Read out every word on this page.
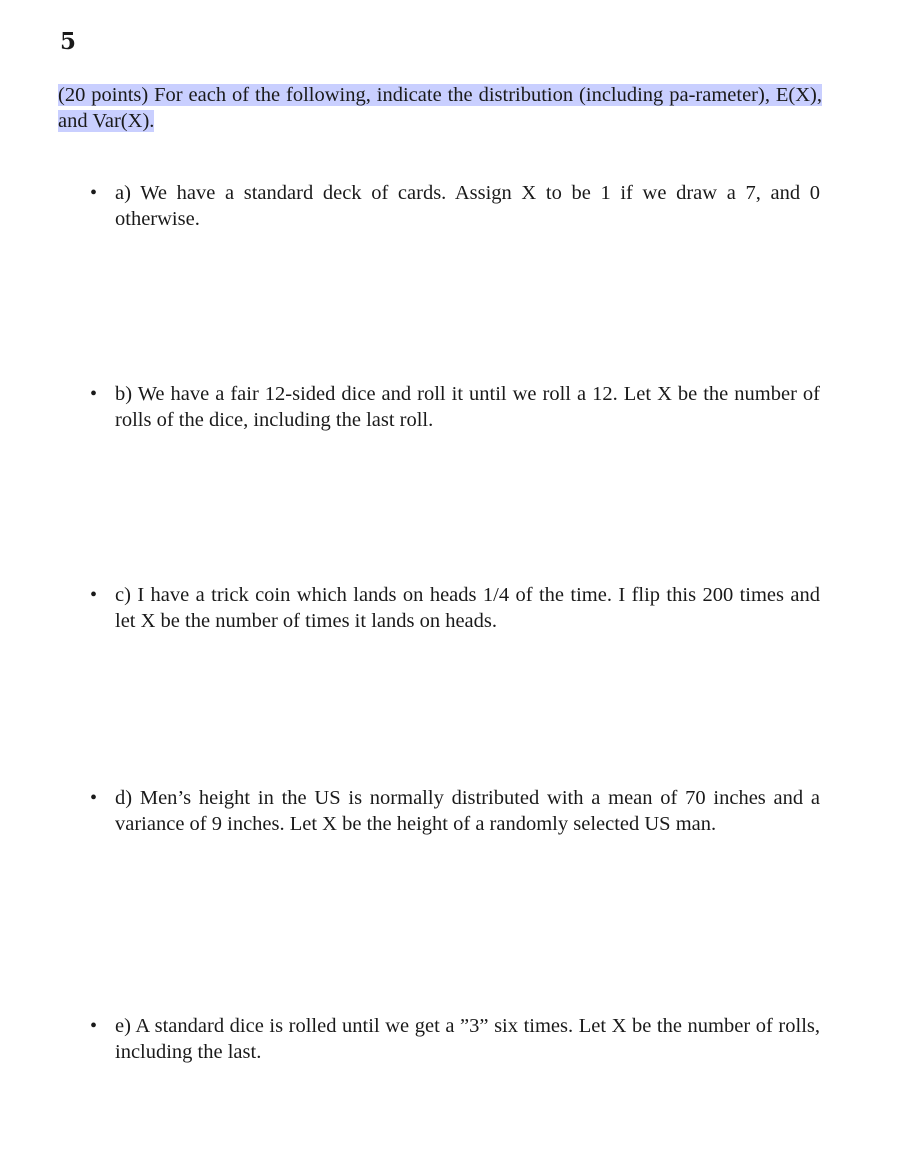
5
(20 points) For each of the following, indicate the distribution (including pa-rameter), E(X), and Var(X).
• a) We have a standard deck of cards. Assign X to be 1 if we draw a 7, and 0 otherwise.
• b) We have a fair 12-sided dice and roll it until we roll a 12. Let X be the number of rolls of the dice, including the last roll.
• c) I have a trick coin which lands on heads 1/4 of the time. I flip this 200 times and let X be the number of times it lands on heads.
• d) Men’s height in the US is normally distributed with a mean of 70 inches and a variance of 9 inches. Let X be the height of a randomly selected US man.
• e) A standard dice is rolled until we get a ”3” six times. Let X be the number of rolls, including the last.
